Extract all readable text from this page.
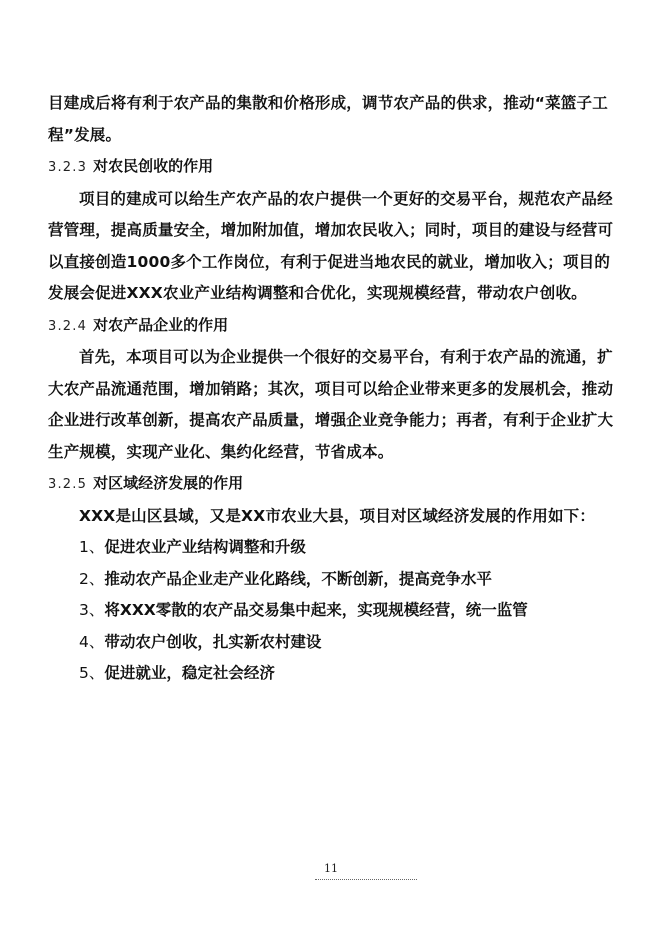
目建成后将有利于农产品的集散和价格形成，调节农产品的供求，推动“菜篮子工
程”发展。
3.2.3 对农民创收的作用
项目的建成可以给生产农产品的农户提供一个更好的交易平台，规范农产品经
营管理，提高质量安全，增加附加值，增加农民收入；同时，项目的建设与经营可
以直接创造1000多个工作岗位，有利于促进当地农民的就业，增加收入；项目的
发展会促进XXX农业产业结构调整和合优化，实现规模经营，带动农户创收。
3.2.4 对农产品企业的作用
首先，本项目可以为企业提供一个很好的交易平台，有利于农产品的流通，扩
大农产品流通范围，增加销路；其次，项目可以给企业带来更多的发展机会，推动
企业进行改革创新，提高农产品质量，增强企业竞争能力；再者，有利于企业扩大
生产规模，实现产业化、集约化经营，节省成本。
3.2.5 对区域经济发展的作用
XXX是山区县域，又是XX市农业大县，项目对区域经济发展的作用如下：
1、促进农业产业结构调整和升级
2、推动农产品企业走产业化路线，不断创新，提高竞争水平
3、将XXX零散的农产品交易集中起来，实现规模经营，统一监管
4、带动农户创收，扎实新农村建设
5、促进就业，稳定社会经济
11
